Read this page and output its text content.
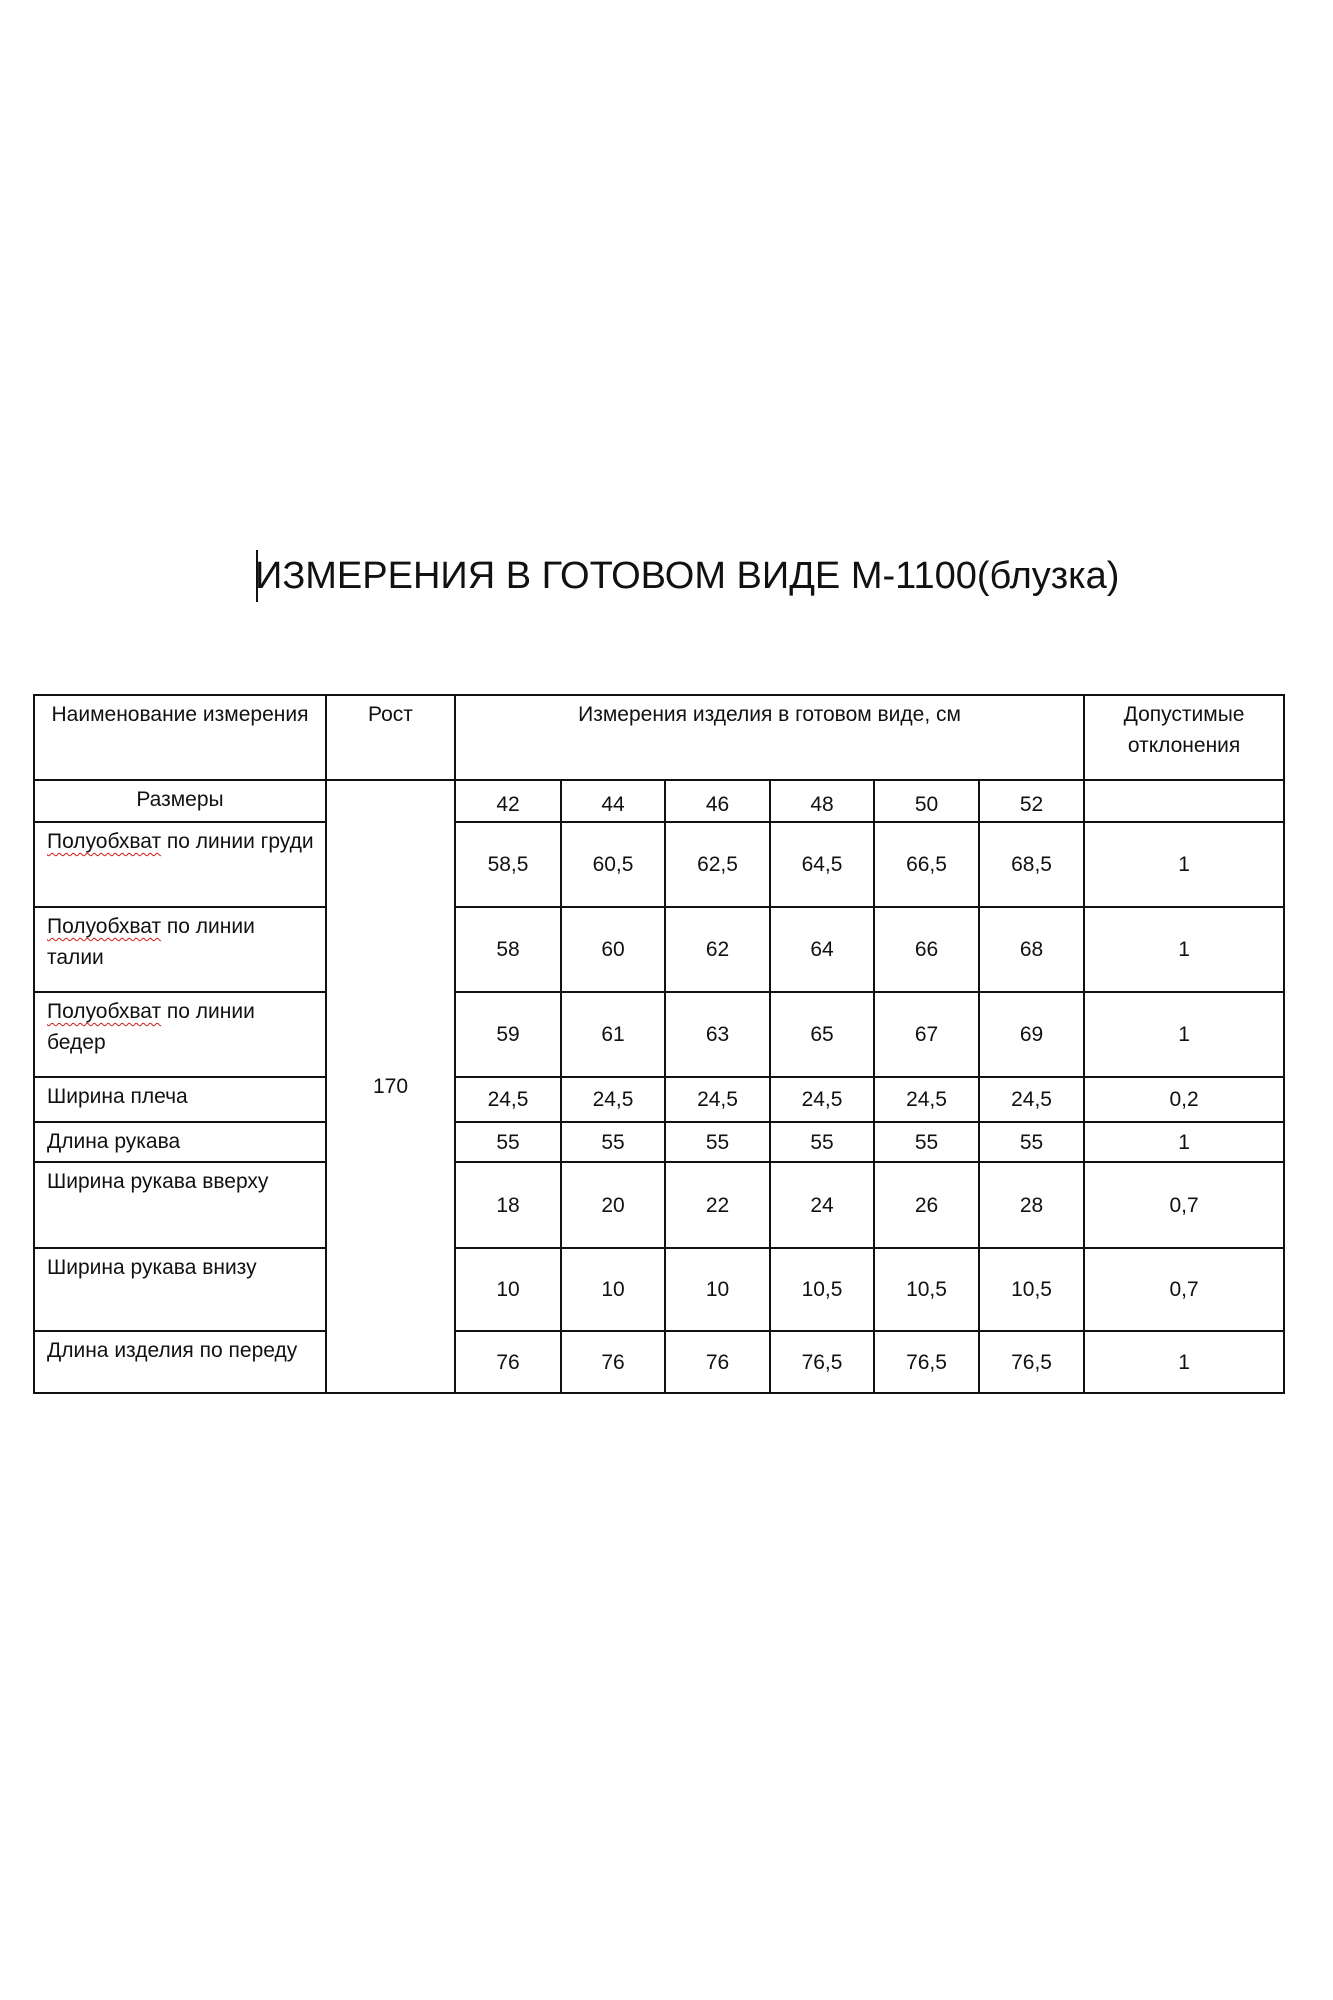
ИЗМЕРЕНИЯ В ГОТОВОМ ВИДЕ М-1100(блузка)
Наименование измерения	Рост	Измерения изделия в готовом виде, см						Допустимые отклонения
Размеры	170	42	44	46	48	50	52	
Полуобхват по линии груди		58,5	60,5	62,5	64,5	66,5	68,5	1
Полуобхват по линии талии		58	60	62	64	66	68	1
Полуобхват по линии бедер		59	61	63	65	67	69	1
Ширина плеча		24,5	24,5	24,5	24,5	24,5	24,5	0,2
Длина рукава		55	55	55	55	55	55	1
Ширина рукава вверху		18	20	22	24	26	28	0,7
Ширина рукава внизу		10	10	10	10,5	10,5	10,5	0,7
Длина изделия по переду		76	76	76	76,5	76,5	76,5	1
